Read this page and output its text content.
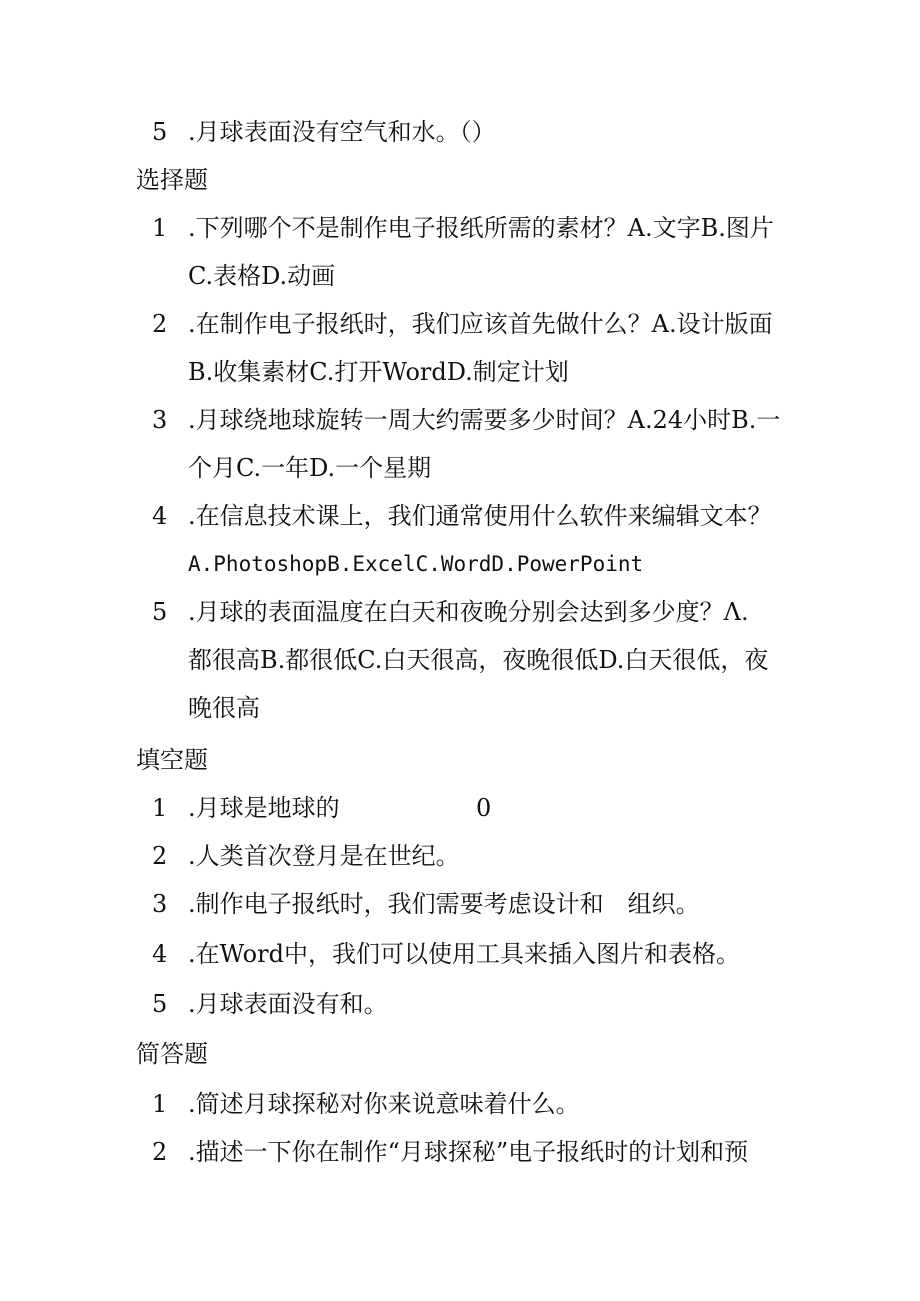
5 .月球表面没有空气和水。（）
选择题
1 .下列哪个不是制作电子报纸所需的素材？A.文字B.图片
C.表格D.动画
2 .在制作电子报纸时，我们应该首先做什么？A.设计版面
B.收集素材C.打开WordD.制定计划
3 .月球绕地球旋转一周大约需要多少时间？A.24小时B.一
个月C.一年D.一个星期
4 .在信息技术课上，我们通常使用什么软件来编辑文本？
A.PhotoshopB.ExcelC.WordD.PowerPoint
5 .月球的表面温度在白天和夜晚分别会达到多少度？Λ.
都很高B.都很低C.白天很高，夜晚很低D.白天很低，夜
晚很高
填空题
1 .月球是地球的	0
2 .人类首次登月是在世纪。
3 .制作电子报纸时，我们需要考虑设计和　组织。
4 .在Word中，我们可以使用工具来插入图片和表格。
5 .月球表面没有和。
简答题
1 .简述月球探秘对你来说意味着什么。
2 .描述一下你在制作“月球探秘”电子报纸时的计划和预
